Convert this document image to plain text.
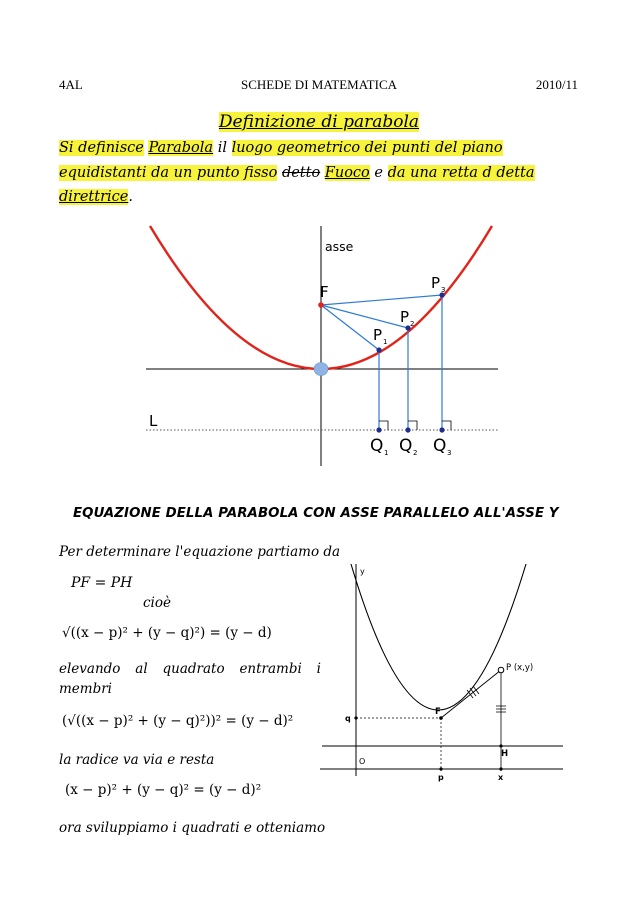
4AL	SCHEDE DI MATEMATICA	2010/11
Definizione di parabola
Si definisce Parabola il luogo geometrico dei punti del piano equidistanti da un punto fisso detto Fuoco e da una retta d detta direttrice.
asse
F
L
P 1
P 2
P 3
Q 1 Q 2 Q 3
EQUAZIONE DELLA PARABOLA CON ASSE PARALLELO ALL'ASSE Y
Per determinare l'equazione partiamo da
PF = PH
cioè
√((x − p)² + (y − q)²) = (y − d)
elevando al quadrato entrambi i
membri
(√((x − p)² + (y − q)²))² = (y − d)²
la radice va via e resta
(x − p)² + (y − q)² = (y − d)²
ora sviluppiamo i quadrati e otteniamo
y
P (x,y)
F
q
H
O
p	x
